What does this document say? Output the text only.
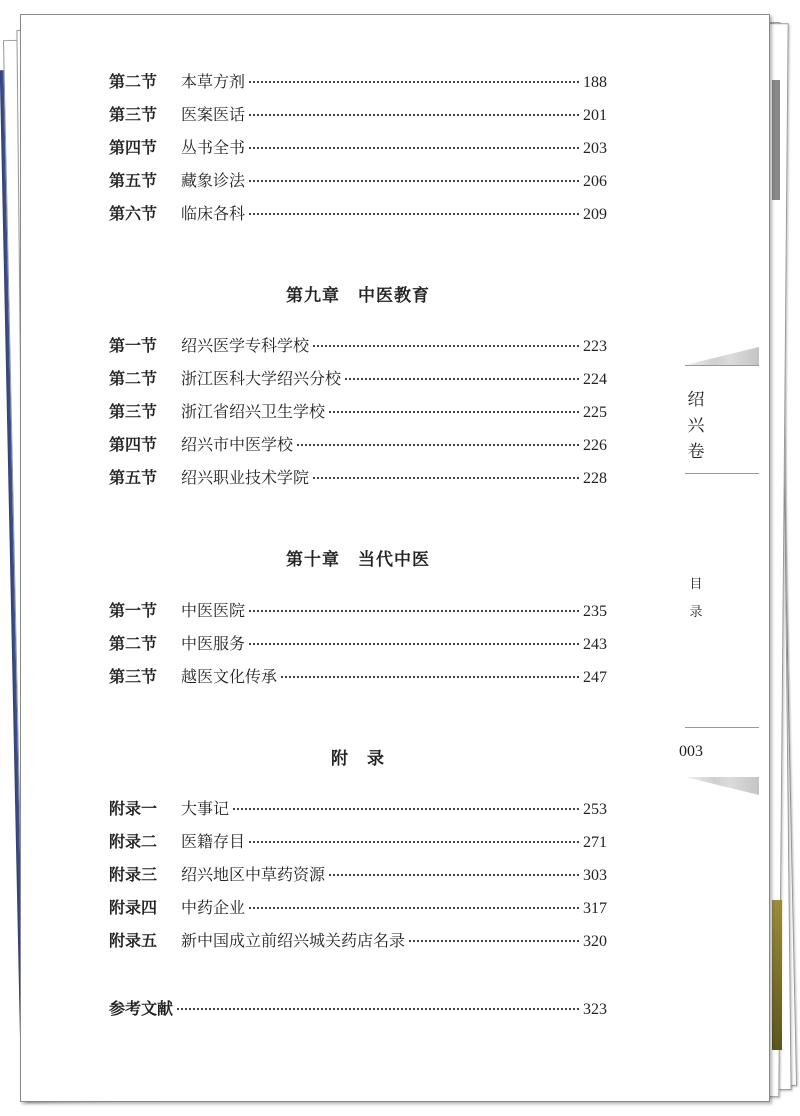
第二节	本草方剂	188
第三节	医案医话	201
第四节	丛书全书	203
第五节	藏象诊法	206
第六节	临床各科	209
第九章　中医教育
第一节	绍兴医学专科学校	223
第二节	浙江医科大学绍兴分校	224
第三节	浙江省绍兴卫生学校	225
第四节	绍兴市中医学校	226
第五节	绍兴职业技术学院	228
第十章　当代中医
第一节	中医医院	235
第二节	中医服务	243
第三节	越医文化传承	247
附　录
附录一	大事记	253
附录二	医籍存目	271
附录三	绍兴地区中草药资源	303
附录四	中药企业	317
附录五	新中国成立前绍兴城关药店名录	320
参考文献	323
绍
兴
卷
目
录
003
